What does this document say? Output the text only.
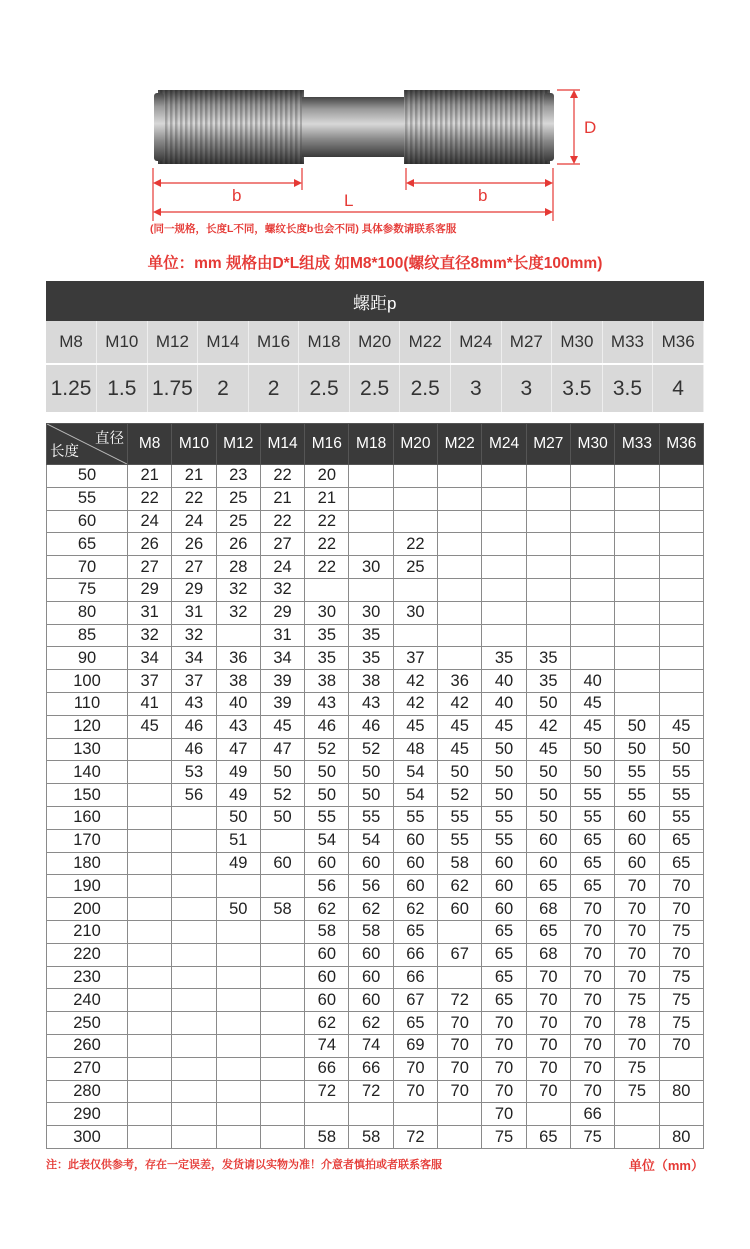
D
b	L	b
(同一规格，长度L不同，螺纹长度b也会不同) 具体参数请联系客服
单位：mm 规格由D*L组成 如M8*100(螺纹直径8mm*长度100mm)
螺距p												
M8	M10	M12	M14	M16	M18	M20	M22	M24	M27	M30	M33	M36
1.25	1.5	1.75	2	2	2.5	2.5	2.5	3	3	3.5	3.5	4
直径
长度	M8	M10	M12	M14	M16	M18	M20	M22	M24	M27	M30	M33	M36
50	21	21	23	22	20								
55	22	22	25	21	21								
60	24	24	25	22	22								
65	26	26	26	27	22		22						
70	27	27	28	24	22	30	25						
75	29	29	32	32									
80	31	31	32	29	30	30	30						
85	32	32		31	35	35							
90	34	34	36	34	35	35	37		35	35			
100	37	37	38	39	38	38	42	36	40	35	40		
110	41	43	40	39	43	43	42	42	40	50	45		
120	45	46	43	45	46	46	45	45	45	42	45	50	45
130		46	47	47	52	52	48	45	50	45	50	50	50
140		53	49	50	50	50	54	50	50	50	50	55	55
150		56	49	52	50	50	54	52	50	50	55	55	55
160			50	50	55	55	55	55	55	50	55	60	55
170			51		54	54	60	55	55	60	65	60	65
180			49	60	60	60	60	58	60	60	65	60	65
190					56	56	60	62	60	65	65	70	70
200			50	58	62	62	62	60	60	68	70	70	70
210					58	58	65		65	65	70	70	75
220					60	60	66	67	65	68	70	70	70
230					60	60	66		65	70	70	70	75
240					60	60	67	72	65	70	70	75	75
250					62	62	65	70	70	70	70	78	75
260					74	74	69	70	70	70	70	70	70
270					66	66	70	70	70	70	70	75	
280					72	72	70	70	70	70	70	75	80
290									70		66		
300					58	58	72		75	65	75		80
注：此表仅供参考，存在一定误差，发货请以实物为准！介意者慎拍或者联系客服	单位（mm）
